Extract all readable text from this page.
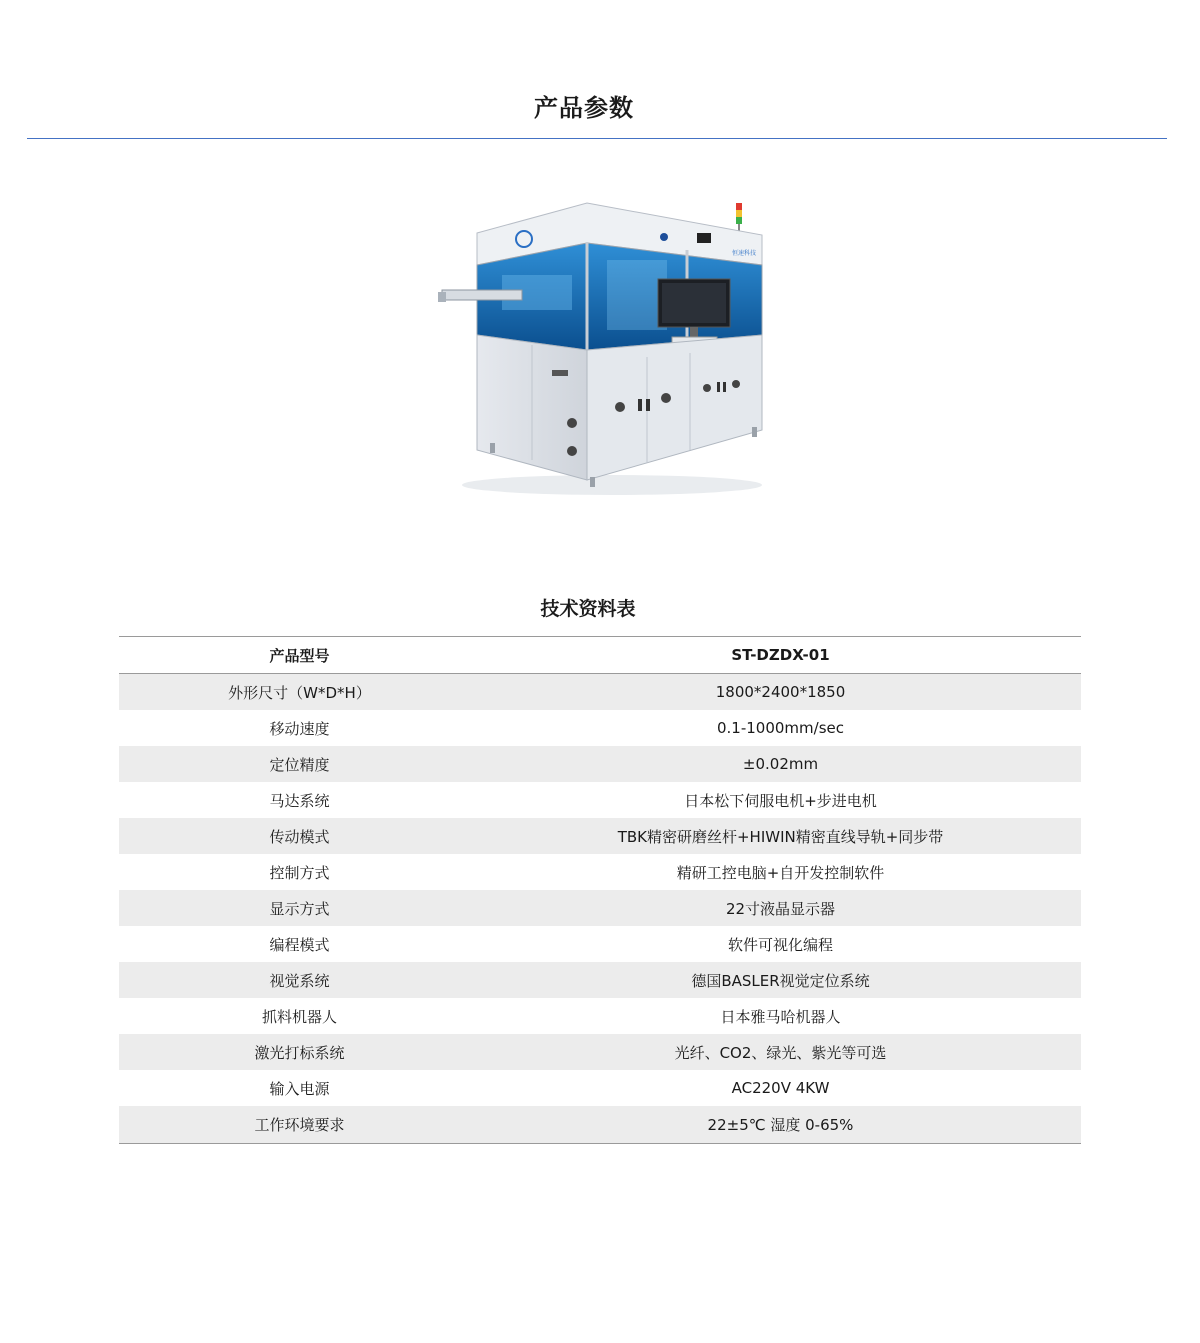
产品参数
恒速科技
技术资料表
产品型号	ST-DZDX-01
外形尺寸（W*D*H）	1800*2400*1850
移动速度	0.1-1000mm/sec
定位精度	±0.02mm
马达系统	日本松下伺服电机+步进电机
传动模式	TBK精密研磨丝杆+HIWIN精密直线导轨+同步带
控制方式	精研工控电脑+自开发控制软件
显示方式	22寸液晶显示器
编程模式	软件可视化编程
视觉系统	德国BASLER视觉定位系统
抓料机器人	日本雅马哈机器人
激光打标系统	光纤、CO2、绿光、紫光等可选
输入电源	AC220V 4KW
工作环境要求	22±5℃ 湿度 0-65%
